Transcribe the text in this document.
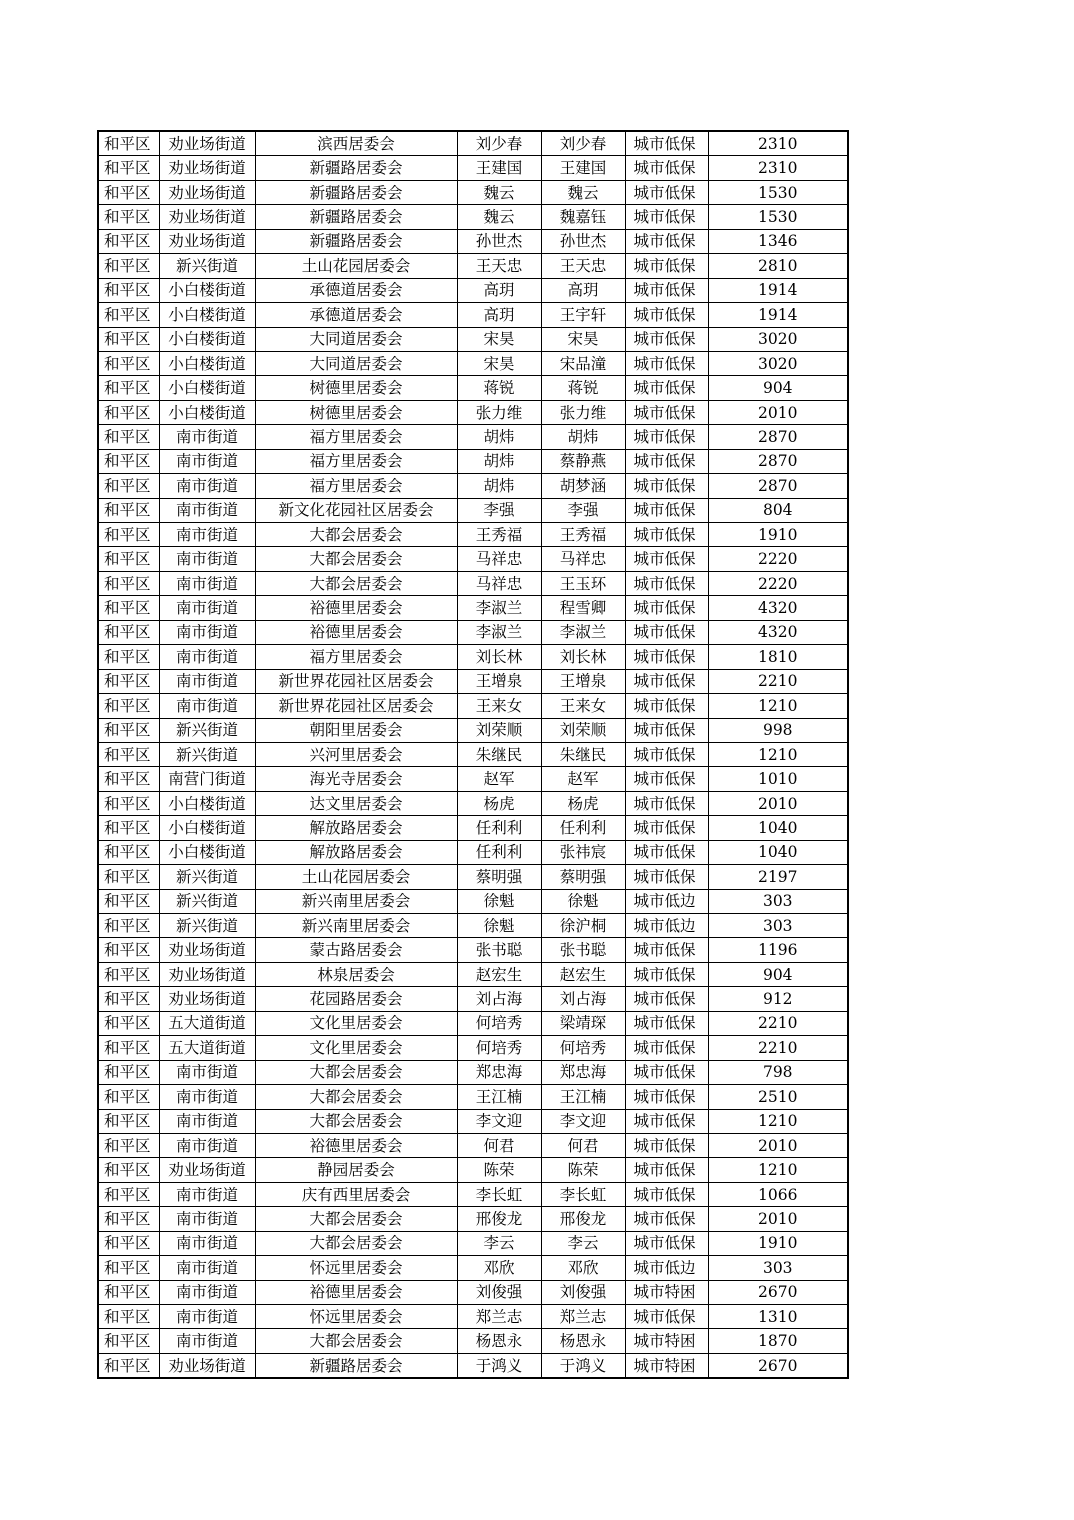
和平区	劝业场街道	滨西居委会	刘少春	刘少春	城市低保	2310
和平区	劝业场街道	新疆路居委会	王建国	王建国	城市低保	2310
和平区	劝业场街道	新疆路居委会	魏云	魏云	城市低保	1530
和平区	劝业场街道	新疆路居委会	魏云	魏嘉钰	城市低保	1530
和平区	劝业场街道	新疆路居委会	孙世杰	孙世杰	城市低保	1346
和平区	新兴街道	土山花园居委会	王天忠	王天忠	城市低保	2810
和平区	小白楼街道	承德道居委会	高玥	高玥	城市低保	1914
和平区	小白楼街道	承德道居委会	高玥	王宇轩	城市低保	1914
和平区	小白楼街道	大同道居委会	宋昊	宋昊	城市低保	3020
和平区	小白楼街道	大同道居委会	宋昊	宋品潼	城市低保	3020
和平区	小白楼街道	树德里居委会	蒋锐	蒋锐	城市低保	904
和平区	小白楼街道	树德里居委会	张力维	张力维	城市低保	2010
和平区	南市街道	福方里居委会	胡炜	胡炜	城市低保	2870
和平区	南市街道	福方里居委会	胡炜	蔡静燕	城市低保	2870
和平区	南市街道	福方里居委会	胡炜	胡梦涵	城市低保	2870
和平区	南市街道	新文化花园社区居委会	李强	李强	城市低保	804
和平区	南市街道	大都会居委会	王秀福	王秀福	城市低保	1910
和平区	南市街道	大都会居委会	马祥忠	马祥忠	城市低保	2220
和平区	南市街道	大都会居委会	马祥忠	王玉环	城市低保	2220
和平区	南市街道	裕德里居委会	李淑兰	程雪卿	城市低保	4320
和平区	南市街道	裕德里居委会	李淑兰	李淑兰	城市低保	4320
和平区	南市街道	福方里居委会	刘长林	刘长林	城市低保	1810
和平区	南市街道	新世界花园社区居委会	王增泉	王增泉	城市低保	2210
和平区	南市街道	新世界花园社区居委会	王来女	王来女	城市低保	1210
和平区	新兴街道	朝阳里居委会	刘荣顺	刘荣顺	城市低保	998
和平区	新兴街道	兴河里居委会	朱继民	朱继民	城市低保	1210
和平区	南营门街道	海光寺居委会	赵军	赵军	城市低保	1010
和平区	小白楼街道	达文里居委会	杨虎	杨虎	城市低保	2010
和平区	小白楼街道	解放路居委会	任利利	任利利	城市低保	1040
和平区	小白楼街道	解放路居委会	任利利	张祎宸	城市低保	1040
和平区	新兴街道	土山花园居委会	蔡明强	蔡明强	城市低保	2197
和平区	新兴街道	新兴南里居委会	徐魁	徐魁	城市低边	303
和平区	新兴街道	新兴南里居委会	徐魁	徐沪桐	城市低边	303
和平区	劝业场街道	蒙古路居委会	张书聪	张书聪	城市低保	1196
和平区	劝业场街道	林泉居委会	赵宏生	赵宏生	城市低保	904
和平区	劝业场街道	花园路居委会	刘占海	刘占海	城市低保	912
和平区	五大道街道	文化里居委会	何培秀	梁靖琛	城市低保	2210
和平区	五大道街道	文化里居委会	何培秀	何培秀	城市低保	2210
和平区	南市街道	大都会居委会	郑忠海	郑忠海	城市低保	798
和平区	南市街道	大都会居委会	王江楠	王江楠	城市低保	2510
和平区	南市街道	大都会居委会	李文迎	李文迎	城市低保	1210
和平区	南市街道	裕德里居委会	何君	何君	城市低保	2010
和平区	劝业场街道	静园居委会	陈荣	陈荣	城市低保	1210
和平区	南市街道	庆有西里居委会	李长虹	李长虹	城市低保	1066
和平区	南市街道	大都会居委会	邢俊龙	邢俊龙	城市低保	2010
和平区	南市街道	大都会居委会	李云	李云	城市低保	1910
和平区	南市街道	怀远里居委会	邓欣	邓欣	城市低边	303
和平区	南市街道	裕德里居委会	刘俊强	刘俊强	城市特困	2670
和平区	南市街道	怀远里居委会	郑兰志	郑兰志	城市低保	1310
和平区	南市街道	大都会居委会	杨恩永	杨恩永	城市特困	1870
和平区	劝业场街道	新疆路居委会	于鸿义	于鸿义	城市特困	2670
